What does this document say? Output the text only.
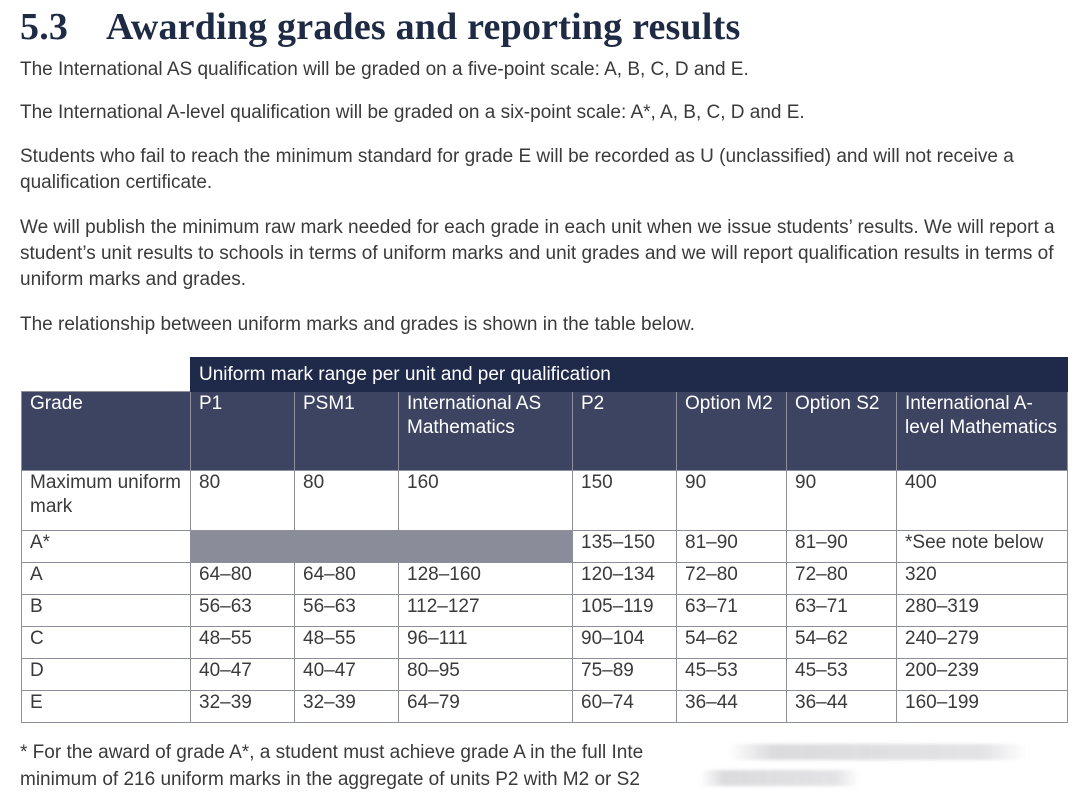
5.3 Awarding grades and reporting results

The International AS qualification will be graded on a five-point scale: A, B, C, D and E.

The International A-level qualification will be graded on a six-point scale: A*, A, B, C, D and E.

Students who fail to reach the minimum standard for grade E will be recorded as U (unclassified) and will not receive a qualification certificate.

We will publish the minimum raw mark needed for each grade in each unit when we issue students’ results. We will report a student’s unit results to schools in terms of uniform marks and unit grades and we will report qualification results in terms of uniform marks and grades.

The relationship between uniform marks and grades is shown in the table below.

	Uniform mark range per unit and per qualification						
Grade	P1	PSM1	International AS Mathematics	P2	Option M2	Option S2	International A-level Mathematics
Maximum uniform mark	80	80	160	150	90	90	400
A*				135–150	81–90	81–90	*See note below
A	64–80	64–80	128–160	120–134	72–80	72–80	320
B	56–63	56–63	112–127	105–119	63–71	63–71	280–319
C	48–55	48–55	96–111	90–104	54–62	54–62	240–279
D	40–47	40–47	80–95	75–89	45–53	45–53	200–239
E	32–39	32–39	64–79	60–74	36–44	36–44	160–199
* For the award of grade A*, a student must achieve grade A in the full Inte
minimum of 216 uniform marks in the aggregate of units P2 with M2 or S2
